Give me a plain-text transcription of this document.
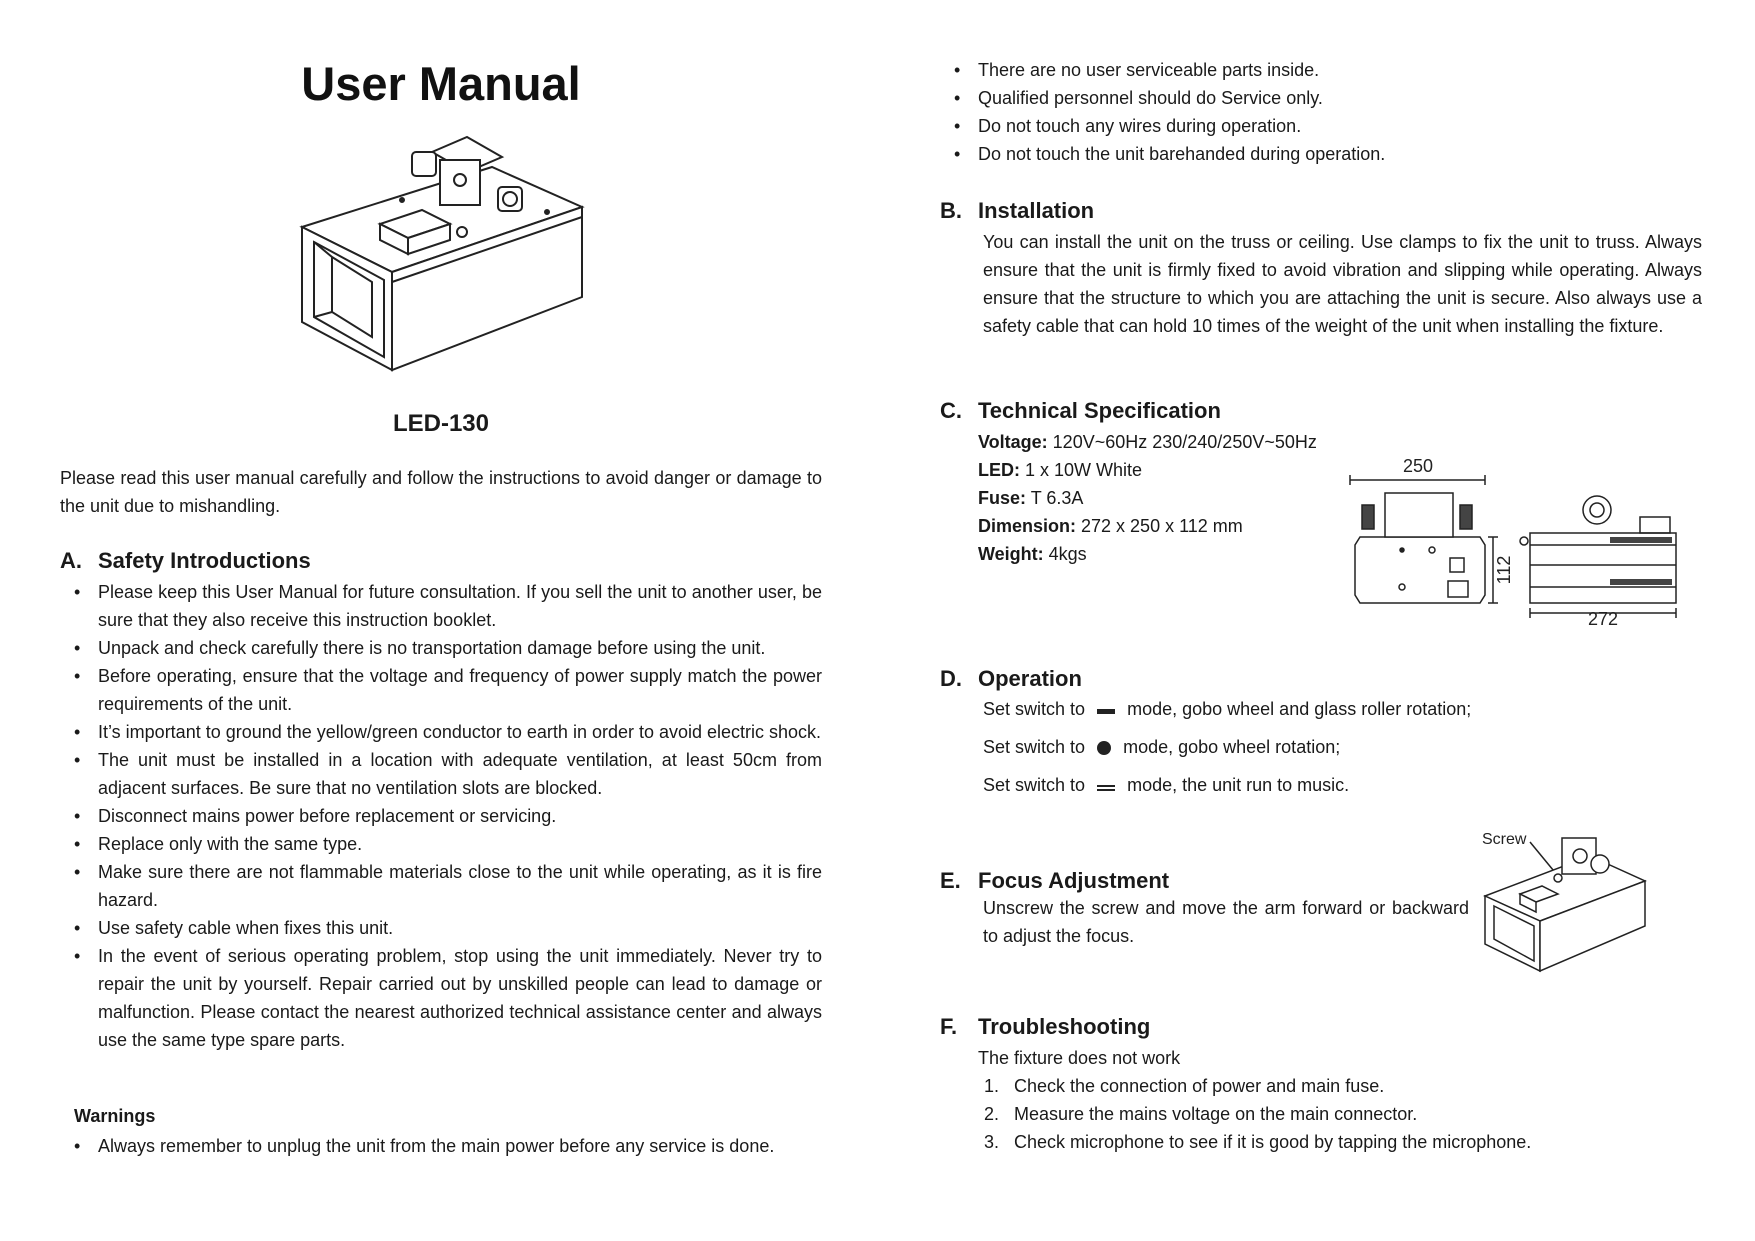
User Manual
LED-130

Please read this user manual carefully and follow the instructions to avoid danger or damage to the unit due to mishandling.

A. Safety Introductions
• Please keep this User Manual for future consultation. If you sell the unit to another user, be sure that they also receive this instruction booklet.
• Unpack and check carefully there is no transportation damage before using the unit.
• Before operating, ensure that the voltage and frequency of power supply match the power requirements of the unit.
• It’s important to ground the yellow/green conductor to earth in order to avoid electric shock.
• The unit must be installed in a location with adequate ventilation, at least 50cm from adjacent surfaces. Be sure that no ventilation slots are blocked.
• Disconnect mains power before replacement or servicing.
• Replace only with the same type.
• Make sure there are not flammable materials close to the unit while operating, as it is fire hazard.
• Use safety cable when fixes this unit.
• In the event of serious operating problem, stop using the unit immediately. Never try to repair the unit by yourself. Repair carried out by unskilled people can lead to damage or malfunction. Please contact the nearest authorized technical assistance center and always use the same type spare parts.
Warnings
• Always remember to unplug the unit from the main power before any service is done.
• There are no user serviceable parts inside.
• Qualified personnel should do Service only.
• Do not touch any wires during operation.
• Do not touch the unit barehanded during operation.
B. Installation

You can install the unit on the truss or ceiling. Use clamps to fix the unit to truss. Always ensure that the unit is firmly fixed to avoid vibration and slipping while operating. Always ensure that the structure to which you are attaching the unit is secure. Also always use a safety cable that can hold 10 times of the weight of the unit when installing the fixture.

C. Technical Specification

Voltage: 120V~60Hz 230/240/250V~50Hz

LED: 1 x 10W White

Fuse: T 6.3A

Dimension: 272 x 250 x 112 mm

Weight: 4kgs

250
112
272
D. Operation
Set switch to mode, gobo wheel and glass roller rotation;
Set switch to mode, gobo wheel rotation;
Set switch to mode, the unit run to music.
E. Focus Adjustment

Unscrew the screw and move the arm forward or backward to adjust the focus.

Screw
F. Troubleshooting

The fixture does not work

1. Check the connection of power and main fuse.
2. Measure the mains voltage on the main connector.
3. Check microphone to see if it is good by tapping the microphone.
